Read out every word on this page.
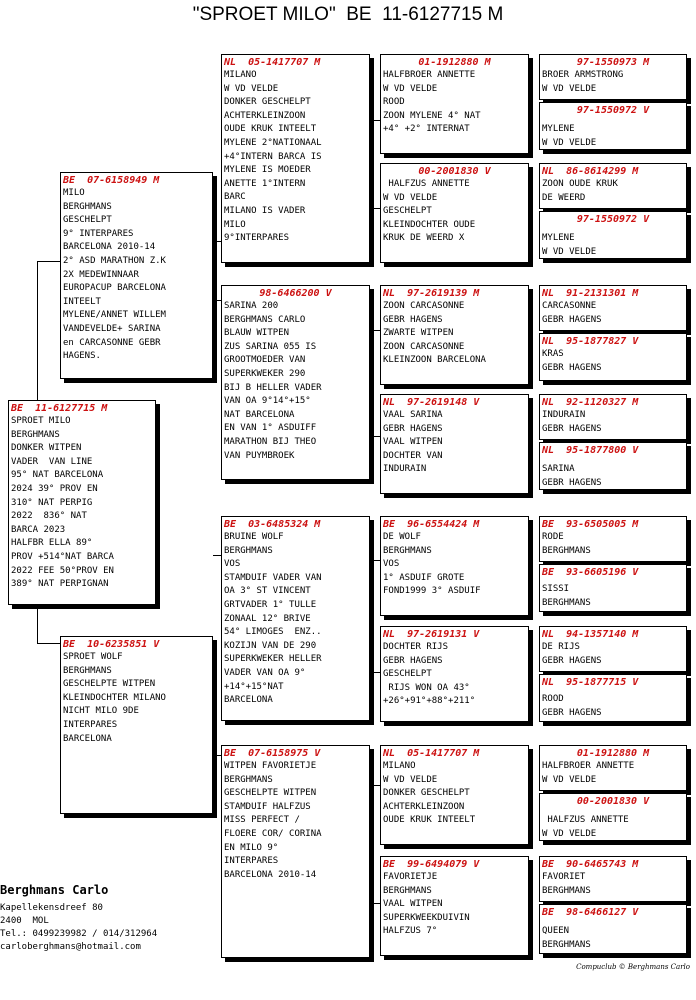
"SPROET MILO"  BE  11-6127715 M
BE  11-6127715 M
SPROET MILO
BERGHMANS
DONKER WITPEN
VADER  VAN LINE
95° NAT BARCELONA
2024 39° PROV EN
310° NAT PERPIG
2022  836° NAT
BARCA 2023
HALFBR ELLA 89°
PROV +514°NAT BARCA
2022 FEE 50°PROV EN
389° NAT PERPIGNAN
BE  07-6158949 M
MILO
BERGHMANS
GESCHELPT
9° INTERPARES
BARCELONA 2010-14
2° ASD MARATHON Z.K
2X MEDEWINNAAR
EUROPACUP BARCELONA
INTEELT
MYLENE/ANNET WILLEM
VANDEVELDE+ SARINA
en CARCASONNE GEBR
HAGENS.
BE  10-6235851 V
SPROET WOLF
BERGHMANS
GESCHELPTE WITPEN
KLEINDOCHTER MILANO
NICHT MILO 9DE
INTERPARES
BARCELONA
NL  05-1417707 M
MILANO
W VD VELDE
DONKER GESCHELPT
ACHTERKLEINZOON
OUDE KRUK INTEELT
MYLENE 2°NATIONAAL
+4°INTERN BARCA IS
MYLENE IS MOEDER
ANETTE 1°INTERN
BARC
MILANO IS VADER
MILO
9°INTERPARES
98-6466200 V
SARINA 200
BERGHMANS CARLO
BLAUW WITPEN
ZUS SARINA 055 IS
GROOTMOEDER VAN
SUPERKWEKER 290
BIJ B HELLER VADER
VAN OA 9°14°+15°
NAT BARCELONA
EN VAN 1° ASDUIFF
MARATHON BIJ THEO
VAN PUYMBROEK
BE  03-6485324 M
BRUINE WOLF
BERGHMANS
VOS
STAMDUIF VADER VAN
OA 3° ST VINCENT
GRTVADER 1° TULLE
ZONAAL 12° BRIVE
54° LIMOGES  ENZ..
KOZIJN VAN DE 290
SUPERKWEKER HELLER
VADER VAN OA 9°
+14°+15°NAT
BARCELONA
BE  07-6158975 V
WITPEN FAVORIETJE
BERGHMANS
GESCHELPTE WITPEN
STAMDUIF HALFZUS
MISS PERFECT /
FLOERE COR/ CORINA
EN MILO 9°
INTERPARES
BARCELONA 2010-14
01-1912880 M
HALFBROER ANNETTE
W VD VELDE
ROOD
ZOON MYLENE 4° NAT
+4° +2° INTERNAT
00-2001830 V
HALFZUS ANNETTE
W VD VELDE
GESCHELPT
KLEINDOCHTER OUDE
KRUK DE WEERD X
NL  97-2619139 M
ZOON CARCASONNE
GEBR HAGENS
ZWARTE WITPEN
ZOON CARCASONNE
KLEINZOON BARCELONA
NL  97-2619148 V
VAAL SARINA
GEBR HAGENS
VAAL WITPEN
DOCHTER VAN
INDURAIN
BE  96-6554424 M
DE WOLF
BERGHMANS
VOS
1° ASDUIF GROTE
FOND1999 3° ASDUIF
NL  97-2619131 V
DOCHTER RIJS
GEBR HAGENS
GESCHELPT
RIJS WON OA 43°
+26°+91°+88°+211°
NL  05-1417707 M
MILANO
W VD VELDE
DONKER GESCHELPT
ACHTERKLEINZOON
OUDE KRUK INTEELT
BE  99-6494079 V
FAVORIETJE
BERGHMANS
VAAL WITPEN
SUPERKWEEKDUIVIN
HALFZUS 7°
97-1550973 M
BROER ARMSTRONG
W VD VELDE
97-1550972 V
MYLENE
W VD VELDE
NL  86-8614299 M
ZOON OUDE KRUK
DE WEERD
97-1550972 V
MYLENE
W VD VELDE
NL  91-2131301 M
CARCASONNE
GEBR HAGENS
NL  95-1877827 V
KRAS
GEBR HAGENS
NL  92-1120327 M
INDURAIN
GEBR HAGENS
NL  95-1877800 V
SARINA
GEBR HAGENS
BE  93-6505005 M
RODE
BERGHMANS
BE  93-6605196 V
SISSI
BERGHMANS
NL  94-1357140 M
DE RIJS
GEBR HAGENS
NL  95-1877715 V
ROOD
GEBR HAGENS
01-1912880 M
HALFBROER ANNETTE
W VD VELDE
00-2001830 V
HALFZUS ANNETTE
W VD VELDE
BE  90-6465743 M
FAVORIET
BERGHMANS
BE  98-6466127 V
QUEEN
BERGHMANS
Berghmans Carlo
Kapellekensdreef 80
2400  MOL
Tel.: 0499239982 / 014/312964
carloberghmans@hotmail.com
Compuclub © Berghmans Carlo
